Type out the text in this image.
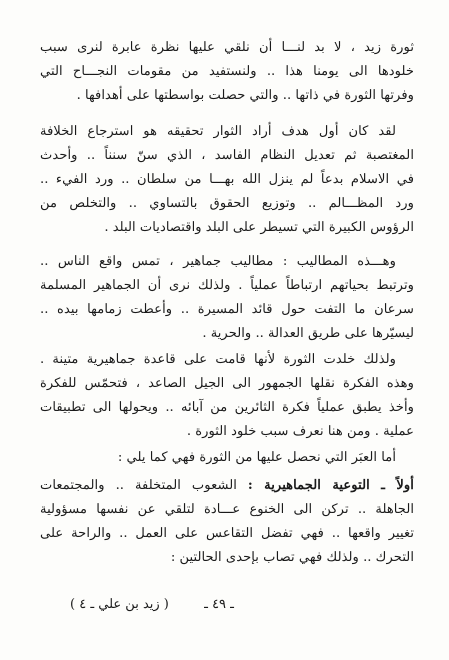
ثورة زيد ، لا بد لنـــا أن نلقي عليها نظرة عابرة لنرى سبب
خلودها الى يومنا هذا .. ولنستفيد من مقومات النجـــاح التي
وفرتها الثورة في ذاتها .. والتي حصلت بواسطتها على أهدافها .
لقد كان أول هدف أراد الثوار تحقيقه هو استرجاع الخلافة
المغتصبة ثم تعديل النظام الفاسد ، الذي سنّ سنناً .. وأحدث
في الاسلام بدعاً لم ينزل الله بهـــا من سلطان .. ورد الفيء ..
ورد المظـــالم .. وتوزيع الحقوق بالتساوي .. والتخلص من
الرؤوس الكبيرة التي تسيطر على البلد واقتصاديات البلد .
وهـــذه المطاليب : مطاليب جماهير ، تمس واقع الناس ..
وترتبط بحياتهم ارتباطاً عملياً . ولذلك نرى أن الجماهير المسلمة
سرعان ما التفت حول قائد المسيرة .. وأعطت زمامها بيده ..
ليسيّرها على طريق العدالة .. والحرية .
ولذلك خلدت الثورة لأنها قامت على قاعدة جماهيرية متينة .
وهذه الفكرة نقلها الجمهور الى الجيل الصاعد ، فتحمّس للفكرة
وأخذ يطبق عملياً فكرة الثائرين من آبائه .. ويحولها الى تطبيقات
عملية . ومن هنا نعرف سبب خلود الثورة .
أما العبَر التي نحصل عليها من الثورة فهي كما يلي :
أولاً ـ التوعية الجماهيرية : الشعوب المتخلفة .. والمجتمعات
الجاهلة .. تركن الى الخنوع عـــادة لتلقي عن نفسها مسؤولية
تغيير واقعها .. فهي تفضل التقاعس على العمل .. والراحة على
التحرك .. ولذلك فهي تصاب بإحدى الحالتين :
ـ ٤٩ ـ
( زيد بن علي ـ ٤ )
